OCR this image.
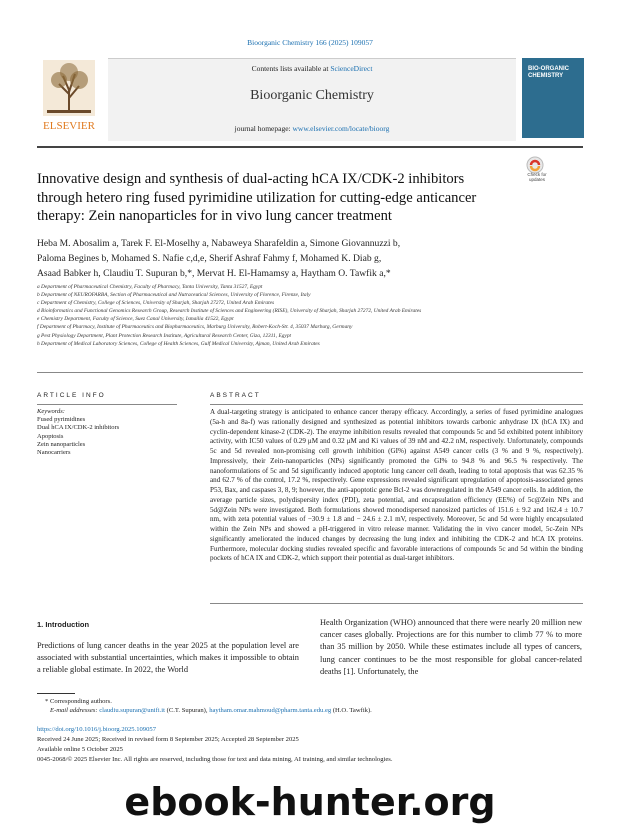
Bioorganic Chemistry 166 (2025) 109057
ELSEVIER
Contents lists available at ScienceDirect
Bioorganic Chemistry
journal homepage: www.elsevier.com/locate/bioorg
BIO-ORGANIC CHEMISTRY
Innovative design and synthesis of dual-acting hCA IX/CDK-2 inhibitors through hetero ring fused pyrimidine utilization for cutting-edge anticancer therapy: Zein nanoparticles for in vivo lung cancer treatment
Check for updates
Heba M. Abosalim a, Tarek F. El-Moselhy a, Nabaweya Sharafeldin a, Simone Giovannuzzi b,
Paloma Begines b, Mohamed S. Nafie c,d,e, Sherif Ashraf Fahmy f, Mohamed K. Diab g,
Asaad Babker h, Claudiu T. Supuran b,*, Mervat H. El-Hamamsy a, Haytham O. Tawfik a,*
a Department of Pharmaceutical Chemistry, Faculty of Pharmacy, Tanta University, Tanta 31527, Egypt
b Department of NEUROFARBA, Section of Pharmaceutical and Nutraceutical Sciences, University of Florence, Firenze, Italy
c Department of Chemistry, College of Sciences, University of Sharjah, Sharjah 27272, United Arab Emirates
d Bioinformatics and Functional Genomics Research Group, Research Institute of Sciences and Engineering (RISE), University of Sharjah, Sharjah 27272, United Arab Emirates
e Chemistry Department, Faculty of Science, Suez Canal University, Ismailia 41522, Egypt
f Department of Pharmacy, Institute of Pharmaceutics and Biopharmaceutics, Marburg University, Robert-Koch-Str. 4, 35037 Marburg, Germany
g Pest Physiology Department, Plant Protection Research Institute, Agricultural Research Center, Giza, 12311, Egypt
h Department of Medical Laboratory Sciences, College of Health Sciences, Gulf Medical University, Ajman, United Arab Emirates
ARTICLE INFO	ABSTRACT
Keywords:
Fused pyrimidines
Dual hCA IX/CDK-2 inhibitors
Apoptosis
Zein nanoparticles
Nanocarriers
A dual-targeting strategy is anticipated to enhance cancer therapy efficacy. Accordingly, a series of fused pyrimidine analogues (5a-h and 8a-f) was rationally designed and synthesized as potential inhibitors towards carbonic anhydrase IX (hCA IX) and cyclin-dependent kinase-2 (CDK-2). The enzyme inhibition results revealed that compounds 5c and 5d exhibited potent inhibitory activity, with IC50 values of 0.29 μM and 0.32 μM and Ki values of 39 nM and 42.2 nM, respectively. Unfortunately, compounds 5c and 5d revealed non-promising cell growth inhibition (GI%) against A549 cancer cells (3 % and 9 %, respectively). Impressively, their Zein-nanoparticles (NPs) significantly promoted the GI% to 94.8 % and 96.5 % respectively. The nanoformulations of 5c and 5d significantly induced apoptotic lung cancer cell death, leading to total apoptosis that was 62.35 % and 62.7 % of the control, 17.2 %, respectively. Gene expressions revealed significant upregulation of apoptosis-associated genes P53, Bax, and caspases 3, 8, 9; however, the anti-apoptotic gene Bcl-2 was downregulated in the A549 cancer cells. In addition, the average particle sizes, polydispersity index (PDI), zeta potential, and encapsulation efficiency (EE%) of 5c@Zein NPs and 5d@Zein NPs were investigated. Both formulations showed monodispersed nanosized particles of 151.6 ± 9.2 and 162.4 ± 10.7 nm, with zeta potential values of −30.9 ± 1.8 and − 24.6 ± 2.1 mV, respectively. Moreover, 5c and 5d were highly encapsulated within the Zein NPs and showed a pH-triggered in vitro release manner. Validating the in vivo cancer model, 5c-Zein NPs significantly ameliorated the induced changes by decreasing the lung index and inhibiting the CDK-2 and hCA IX proteins. Furthermore, molecular docking studies revealed specific and favorable interactions of compounds 5c and 5d within the binding pockets of hCA IX and CDK-2, which support their potential as dual-target inhibitors.
1. Introduction
Predictions of lung cancer deaths in the year 2025 at the population level are associated with substantial uncertainties, which makes it impossible to obtain a reliable global estimate. In 2022, the World
Health Organization (WHO) announced that there were nearly 20 million new cancer cases globally. Projections are for this number to climb 77 % to more than 35 million by 2050. While these estimates include all types of cancers, lung cancer continues to be the most responsible for global cancer-related deaths [1]. Unfortunately, the
* Corresponding authors.
E-mail addresses: claudiu.supuran@unifi.it (C.T. Supuran), haytham.omar.mahmoud@pharm.tanta.edu.eg (H.O. Tawfik).
https://doi.org/10.1016/j.bioorg.2025.109057
Received 24 June 2025; Received in revised form 8 September 2025; Accepted 28 September 2025
Available online 5 October 2025
0045-2068/© 2025 Elsevier Inc. All rights are reserved, including those for text and data mining, AI training, and similar technologies.
ebook-hunter.org
